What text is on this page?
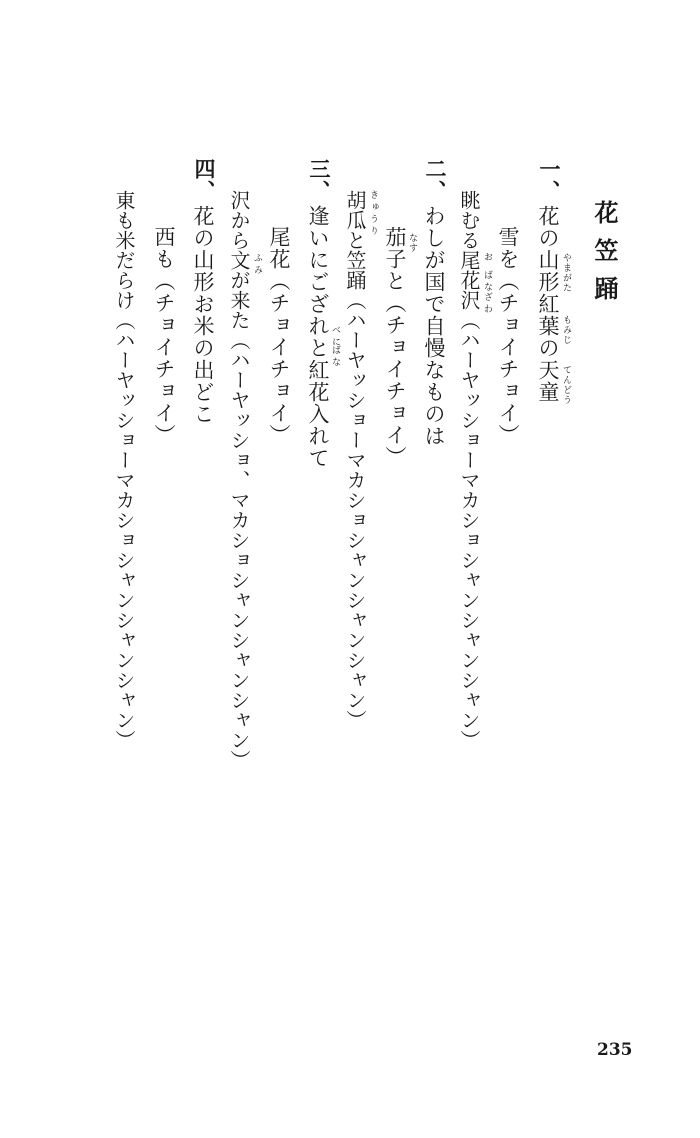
花笠踊
一、
花の山形紅葉の天童
雪を（チョイチョイ）
眺むる尾花沢（ハーヤッショーマカショシャンシャンシャン）
二、
わしが国で自慢なものは
茄子と（チョイチョイ）
胡瓜と笠踊（ハーヤッショーマカショシャンシャンシャン）
三、
逢いにござれと紅花入れて
尾花（チョイチョイ）
沢から文が来た（ハーヤッショ、マカショシャンシャンシャン）
四、
花の山形お米の出どこ
西も（チョイチョイ）
東も米だらけ（ハーヤッショーマカショシャンシャンシャン）	やまがた
もみじ
てんどう
お
ばな
ざわ
な
す
きゅうり
べに
ばな
ふみ
235
